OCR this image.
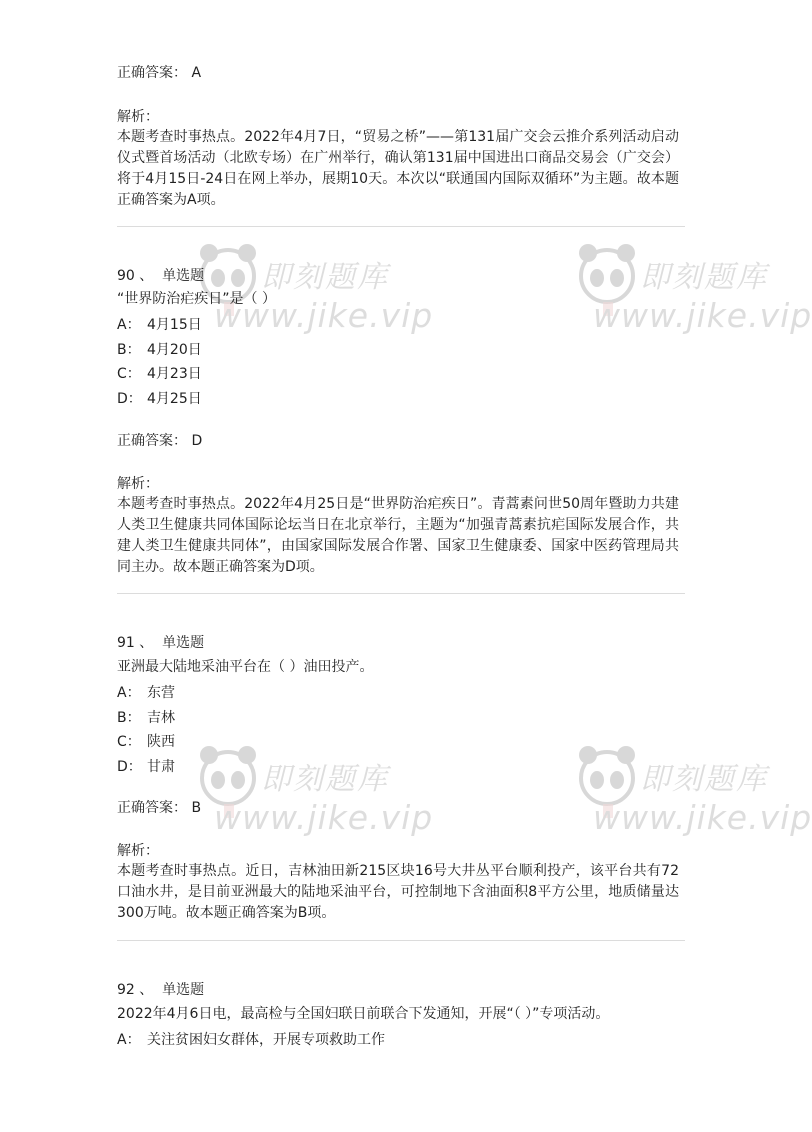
即刻题库
www.jike.vip
即刻题库
www.jike.vip
即刻题库
www.jike.vip
即刻题库
www.jike.vip
正确答案： A
解析：
本题考查时事热点。2022年4月7日，“贸易之桥”——第131届广交会云推介系列活动启动仪式暨首场活动（北欧专场）在广州举行，确认第131届中国进出口商品交易会（广交会）将于4月15日-24日在网上举办，展期10天。本次以“联通国内国际双循环”为主题。故本题正确答案为A项。
90 、 单选题
“世界防治疟疾日”是（ ）
A： 4月15日
B： 4月20日
C： 4月23日
D： 4月25日
正确答案： D
解析：
本题考查时事热点。2022年4月25日是“世界防治疟疾日”。青蒿素问世50周年暨助力共建人类卫生健康共同体国际论坛当日在北京举行，主题为“加强青蒿素抗疟国际发展合作，共建人类卫生健康共同体”，由国家国际发展合作署、国家卫生健康委、国家中医药管理局共同主办。故本题正确答案为D项。
91 、 单选题
亚洲最大陆地采油平台在（ ）油田投产。
A： 东营
B： 吉林
C： 陕西
D： 甘肃
正确答案： B
解析：
本题考查时事热点。近日，吉林油田新215区块16号大井丛平台顺利投产，该平台共有72口油水井，是目前亚洲最大的陆地采油平台，可控制地下含油面积8平方公里，地质储量达300万吨。故本题正确答案为B项。
92 、 单选题
2022年4月6日电，最高检与全国妇联日前联合下发通知，开展“（ ）”专项活动。
A： 关注贫困妇女群体，开展专项救助工作
